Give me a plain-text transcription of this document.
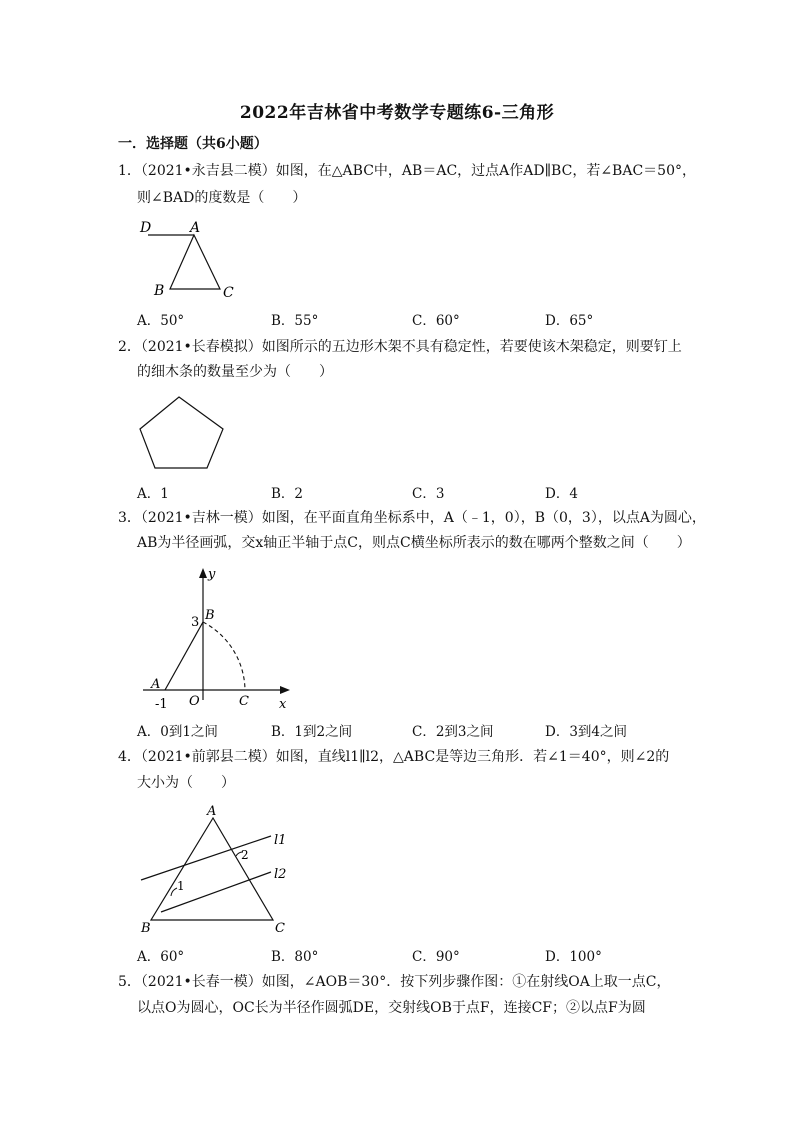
2022年吉林省中考数学专题练6-三角形
一．选择题（共6小题）
1．（2021•永吉县二模）如图，在△ABC中，AB＝AC，过点A作AD∥BC，若∠BAC＝50°，
则∠BAD的度数是（　　）
D	A
B	C
A．50°	B．55°	C．60°	D．65°
2．（2021•长春模拟）如图所示的五边形木架不具有稳定性，若要使该木架稳定，则要钉上
的细木条的数量至少为（　　）
A．1	B．2	C．3	D．4
3．（2021•吉林一模）如图，在平面直角坐标系中，A（﹣1，0），B（0，3），以点A为圆心，
AB为半径画弧，交x轴正半轴于点C，则点C横坐标所表示的数在哪两个整数之间（　　）
y
B
3
A
O	C x
-1
A．0到1之间	B．1到2之间	C．2到3之间	D．3到4之间
4．（2021•前郭县二模）如图，直线l1∥l2，△ABC是等边三角形．若∠1＝40°，则∠2的
大小为（　　）
A
l1
2
l2
1
B	C
A．60°	B．80°	C．90°	D．100°
5．（2021•长春一模）如图，∠AOB＝30°．按下列步骤作图：①在射线OA上取一点C，
以点O为圆心，OC长为半径作圆弧DE，交射线OB于点F，连接CF；②以点F为圆
